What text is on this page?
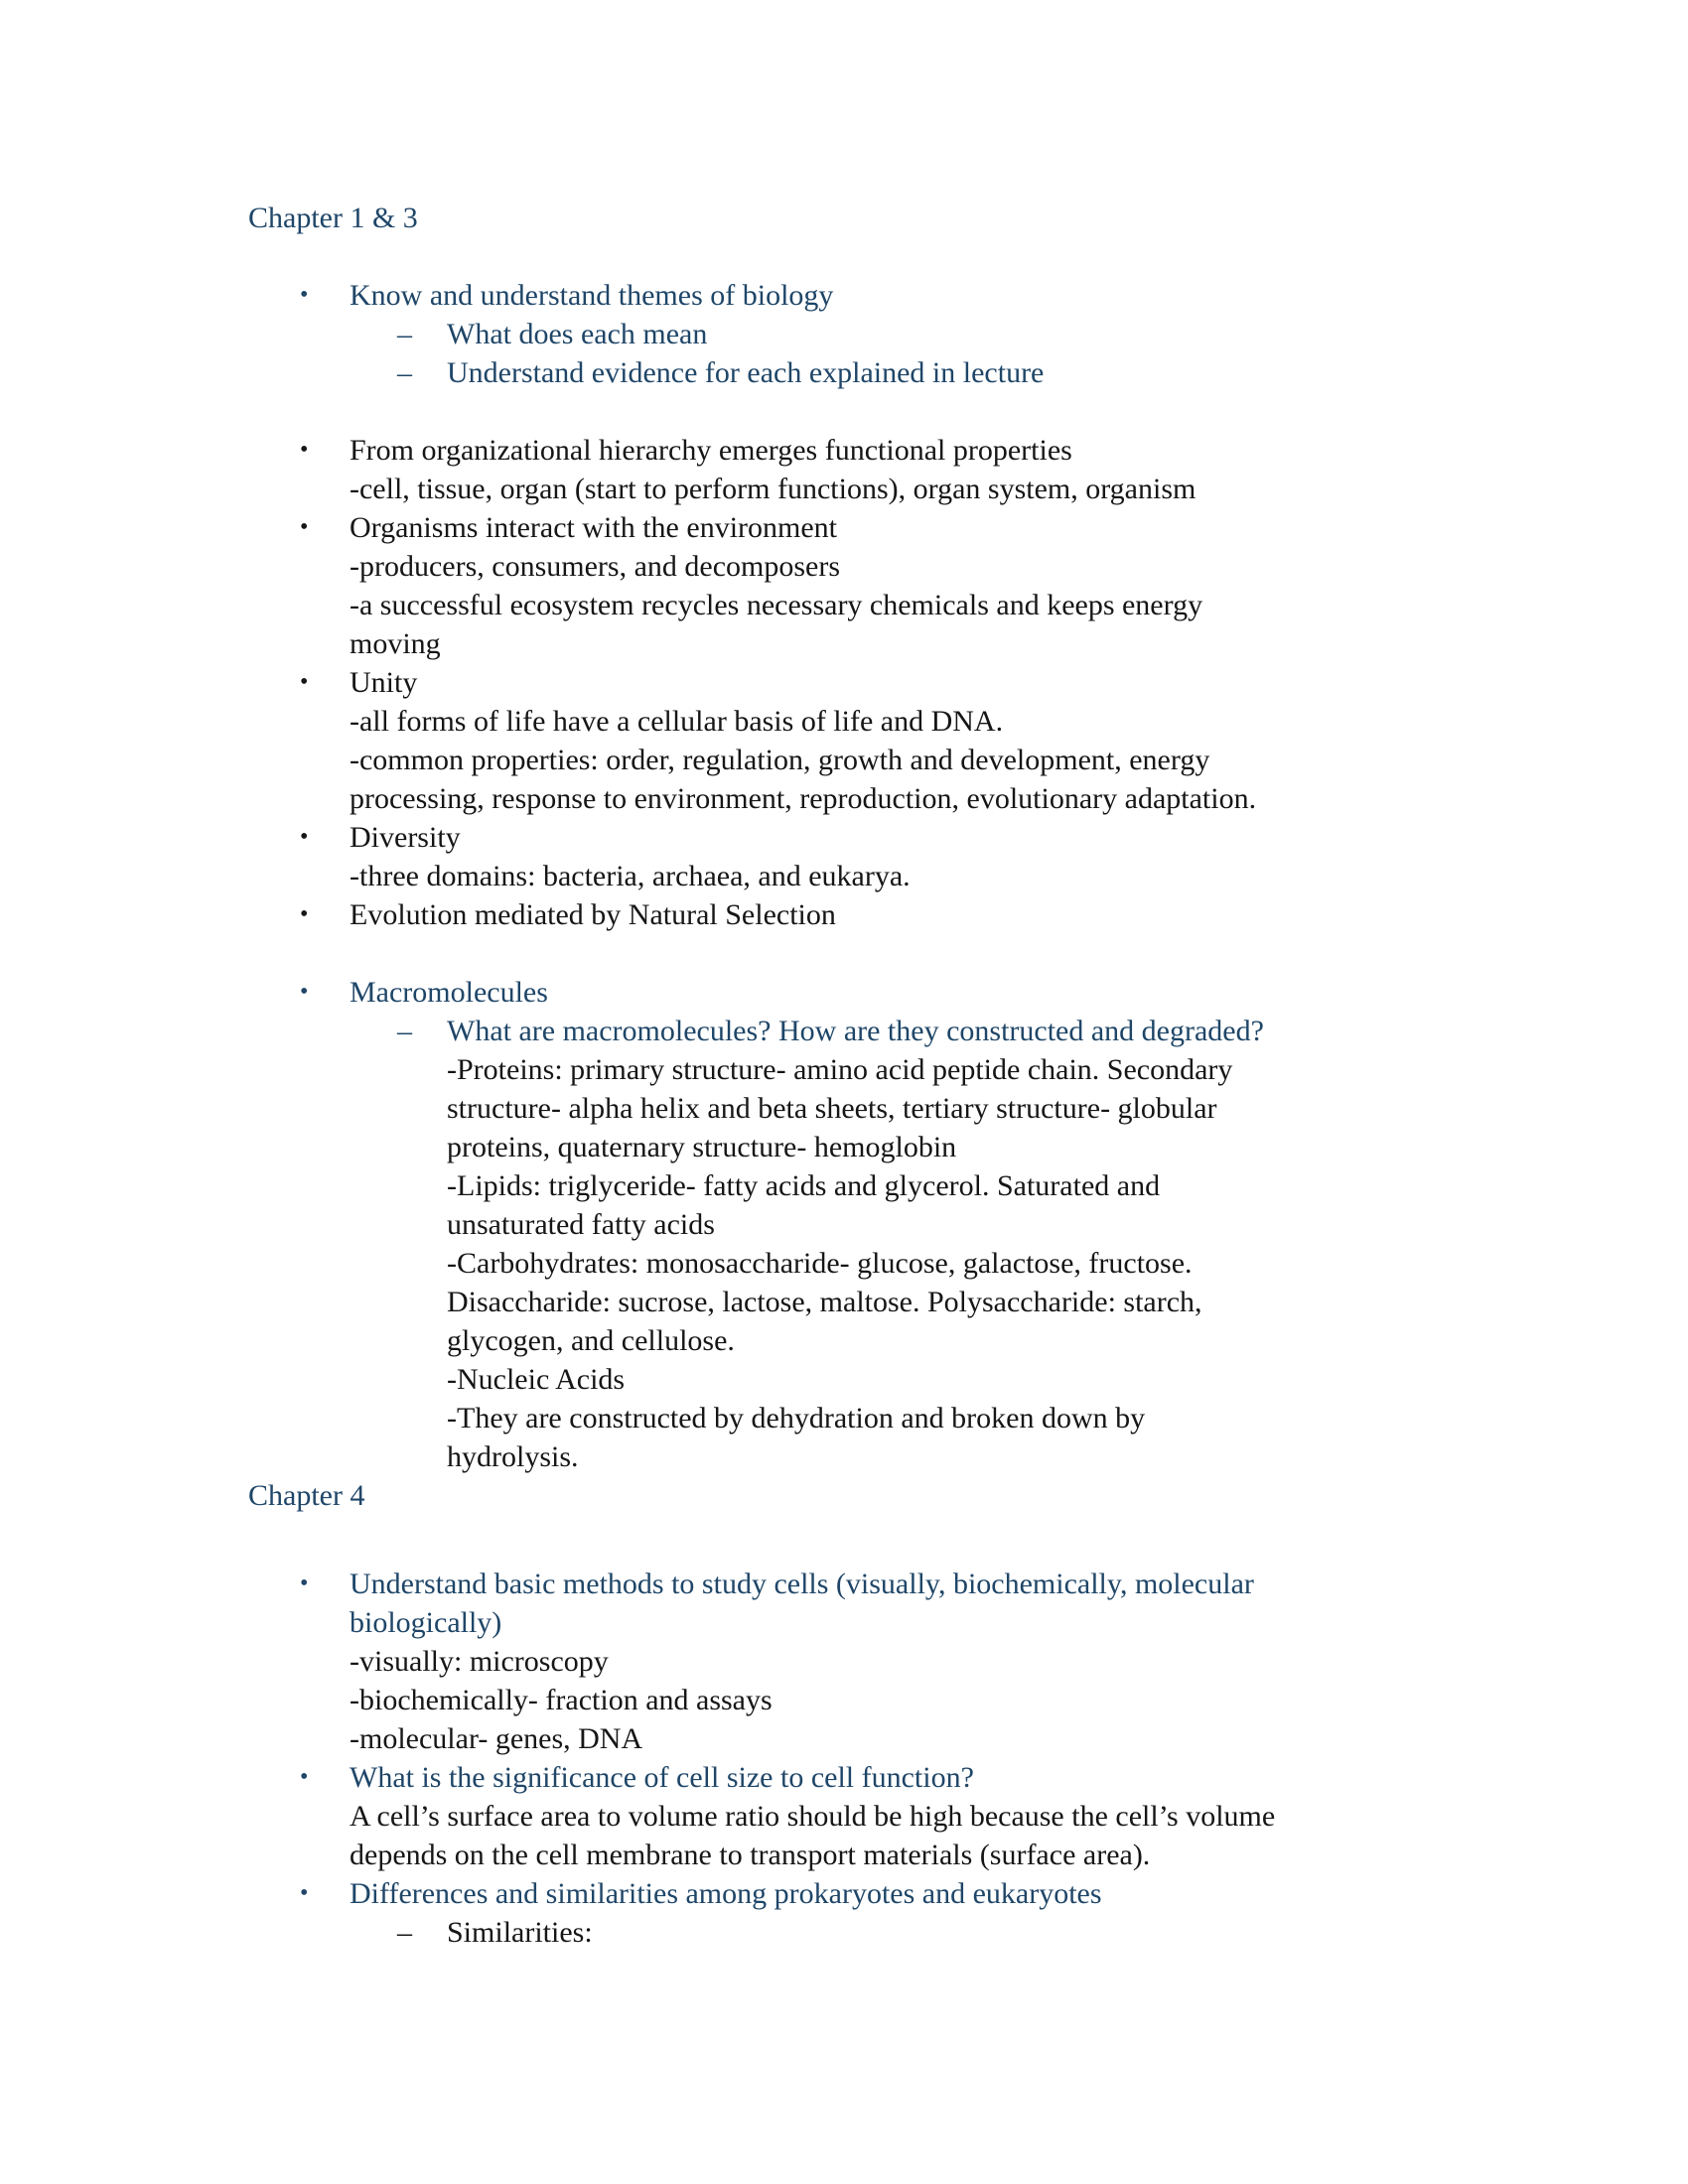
Chapter 1 & 3
• Know and understand themes of biology
– What does each mean
– Understand evidence for each explained in lecture
• From organizational hierarchy emerges functional properties
-cell, tissue, organ (start to perform functions), organ system, organism
• Organisms interact with the environment
-producers, consumers, and decomposers
-a successful ecosystem recycles necessary chemicals and keeps energy
moving
• Unity
-all forms of life have a cellular basis of life and DNA.
-common properties: order, regulation, growth and development, energy
processing, response to environment, reproduction, evolutionary adaptation.
• Diversity
-three domains: bacteria, archaea, and eukarya.
• Evolution mediated by Natural Selection
• Macromolecules
– What are macromolecules? How are they constructed and degraded?
-Proteins: primary structure- amino acid peptide chain. Secondary
structure- alpha helix and beta sheets, tertiary structure- globular
proteins, quaternary structure- hemoglobin
-Lipids: triglyceride- fatty acids and glycerol. Saturated and
unsaturated fatty acids
-Carbohydrates: monosaccharide- glucose, galactose, fructose.
Disaccharide: sucrose, lactose, maltose. Polysaccharide: starch,
glycogen, and cellulose.
-Nucleic Acids
-They are constructed by dehydration and broken down by
hydrolysis.
Chapter 4
• Understand basic methods to study cells (visually, biochemically, molecular
biologically)
-visually: microscopy
-biochemically- fraction and assays
-molecular- genes, DNA
• What is the significance of cell size to cell function?
A cell’s surface area to volume ratio should be high because the cell’s volume
depends on the cell membrane to transport materials (surface area).
• Differences and similarities among prokaryotes and eukaryotes
– Similarities:
